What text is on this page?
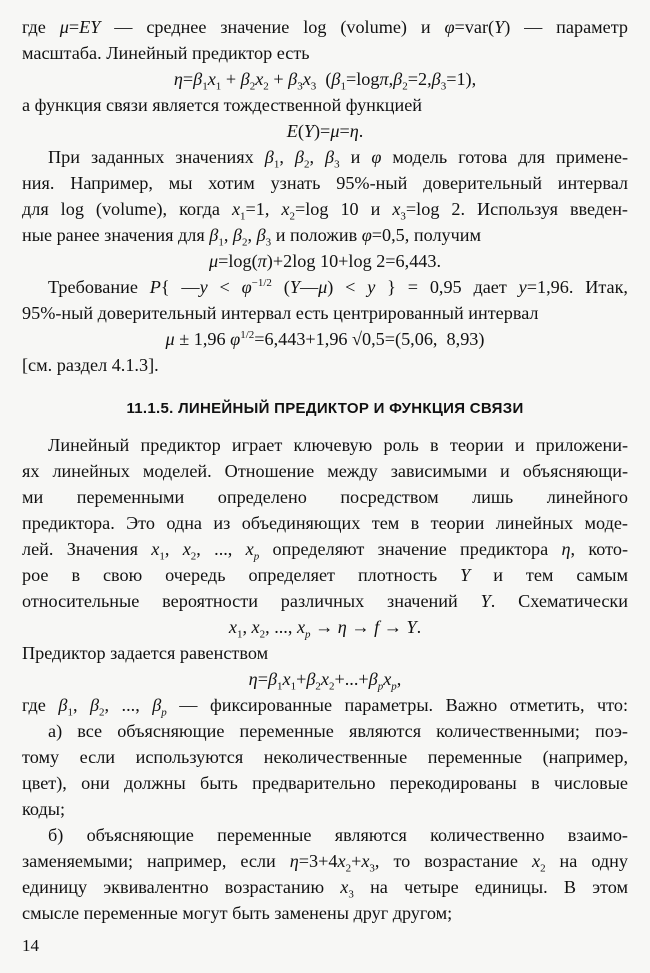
где μ=EY — среднее значение log (volume) и φ=var(Y) — параметр
масштаба. Линейный предиктор есть
$\eta=\beta_1x_1 + \beta_2x_2 + \beta_3x_3$  $(\beta_1=\log\pi,\beta_2=2,\beta_3=1)$,
а функция связи является тождественной функцией
E(Y)=μ=η.
При заданных значениях $\beta_1$, $\beta_2$, $\beta_3$ и φ модель готова для примене-
ния. Например, мы хотим узнать 95%-ный доверительный интервал
для log (volume), когда $x_1=1$, $x_2=\log$ 10 и $x_3=\log$ 2. Используя введен-
ные ранее значения для $\beta_1$, $\beta_2$, $\beta_3$ и положив φ=0,5, получим
μ=log(π)+2log 10+log 2=6,443.
Требование P{ —y < $\varphi^{-1/2}$ (Y—μ) < y } = 0,95 дает y=1,96. Итак,
95%-ный доверительный интервал есть центрированный интервал
μ ± 1,96 $\varphi^{1/2}=6,443+1,96$ √0,5=(5,06,  8,93)
[см. раздел 4.1.3].
11.1.5. ЛИНЕЙНЫЙ ПРЕДИКТОР И ФУНКЦИЯ СВЯЗИ
Линейный предиктор играет ключевую роль в теории и приложени-
ях линейных моделей. Отношение между зависимыми и объясняющи-
ми переменными определено посредством лишь линейного
предиктора. Это одна из объединяющих тем в теории линейных моде-
лей. Значения $x_1$, $x_2$, ..., $x_p$ определяют значение предиктора η, кото-
рое в свою очередь определяет плотность Y и тем самым
относительные вероятности различных значений Y. Схематически
$x_1$, $x_2$, ..., $x_p \to \eta \to f \to Y$.
Предиктор задается равенством
$\eta=\beta_1x_1+\beta_2x_2+...+\beta_px_p$,
где $\beta_1$, $\beta_2$, ..., $\beta_p$ — фиксированные параметры. Важно отметить, что:
а) все объясняющие переменные являются количественными; поэ-
тому если используются неколичественные переменные (например,
цвет), они должны быть предварительно перекодированы в числовые
коды;
б) объясняющие переменные являются количественно взаимо-
заменяемыми; например, если $\eta=3+4x_2+x_3$, то возрастание $x_2$ на одну
единицу эквивалентно возрастанию $x_3$ на четыре единицы. В этом
смысле переменные могут быть заменены друг другом;
14
